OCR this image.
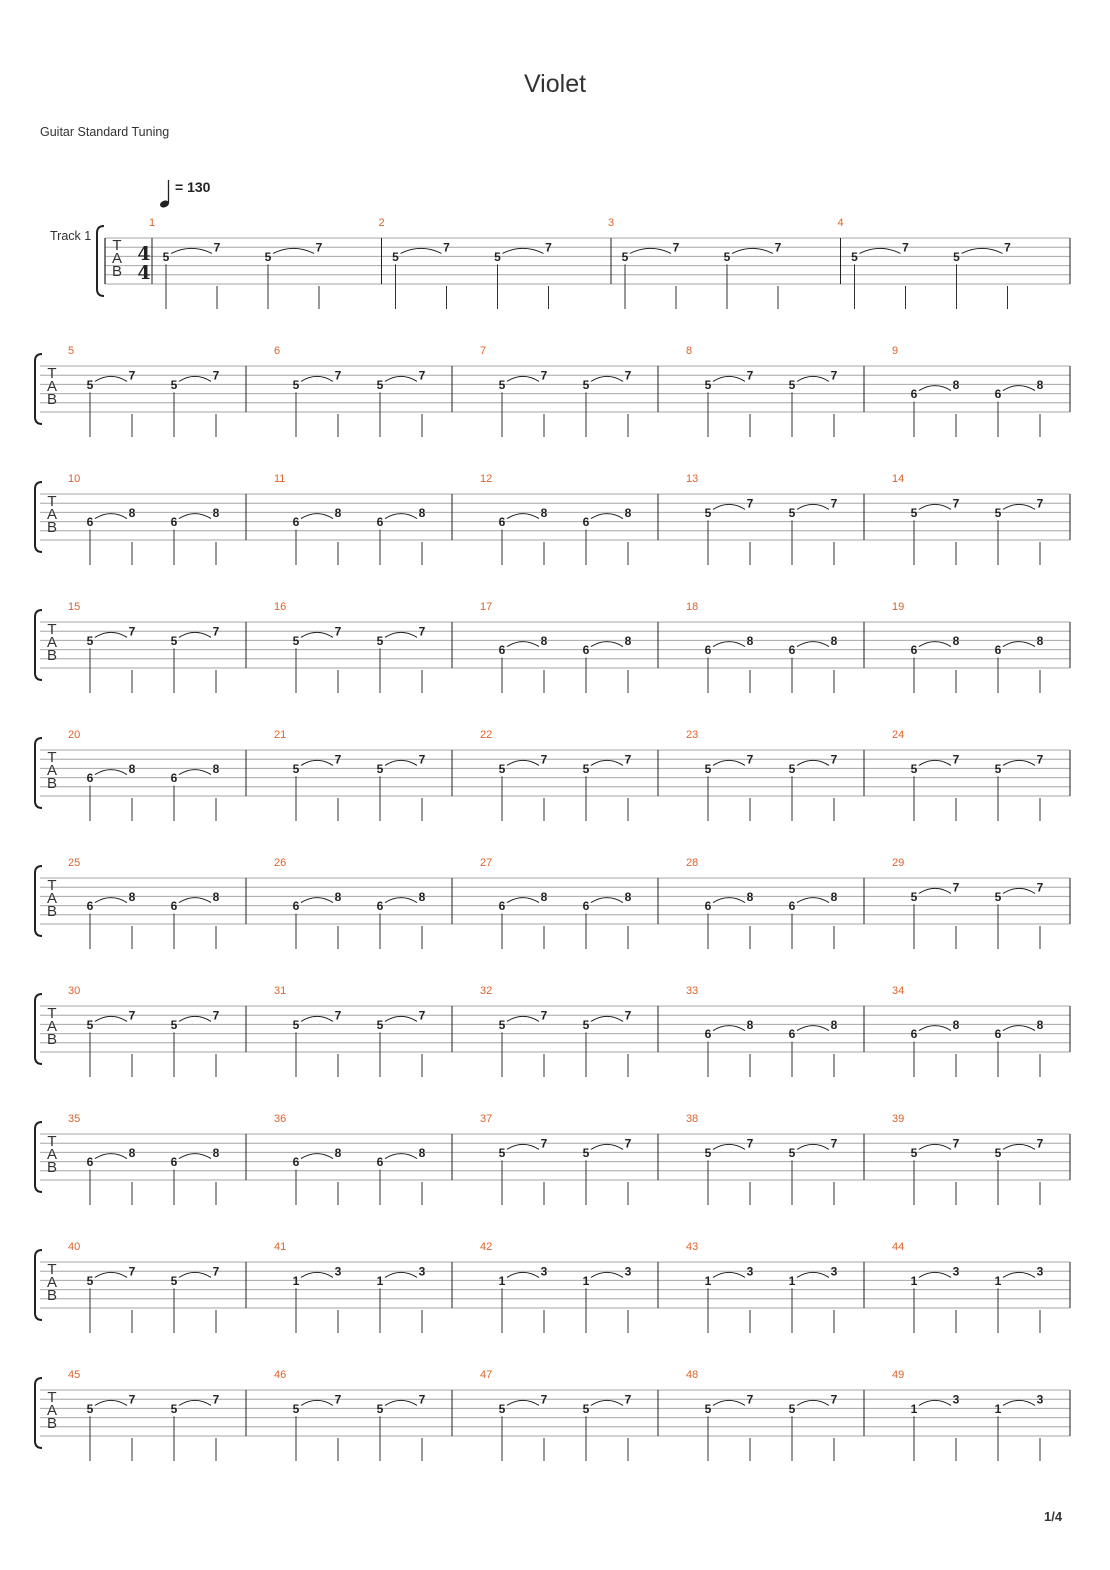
Violet
Guitar Standard Tuning
= 130
Track 1
T
A
B
4
4
1
5
7
5
7
2
5
7
5
7
3
5
7
5
7
4
5
7
5
7
T
A
B
5
5
7
5
7
6
5
7
5
7
7
5
7
5
7
8
5
7
5
7
9
6
8
6
8
T
A
B
10
6
8
6
8
11
6
8
6
8
12
6
8
6
8
13
5
7
5
7
14
5
7
5
7
T
A
B
15
5
7
5
7
16
5
7
5
7
17
6
8
6
8
18
6
8
6
8
19
6
8
6
8
T
A
B
20
6
8
6
8
21
5
7
5
7
22
5
7
5
7
23
5
7
5
7
24
5
7
5
7
T
A
B
25
6
8
6
8
26
6
8
6
8
27
6
8
6
8
28
6
8
6
8
29
5
7
5
7
T
A
B
30
5
7
5
7
31
5
7
5
7
32
5
7
5
7
33
6
8
6
8
34
6
8
6
8
T
A
B
35
6
8
6
8
36
6
8
6
8
37
5
7
5
7
38
5
7
5
7
39
5
7
5
7
T
A
B
40
5
7
5
7
41
1
3
1
3
42
1
3
1
3
43
1
3
1
3
44
1
3
1
3
T
A
B
45
5
7
5
7
46
5
7
5
7
47
5
7
5
7
48
5
7
5
7
49
1
3
1
3
1/4
